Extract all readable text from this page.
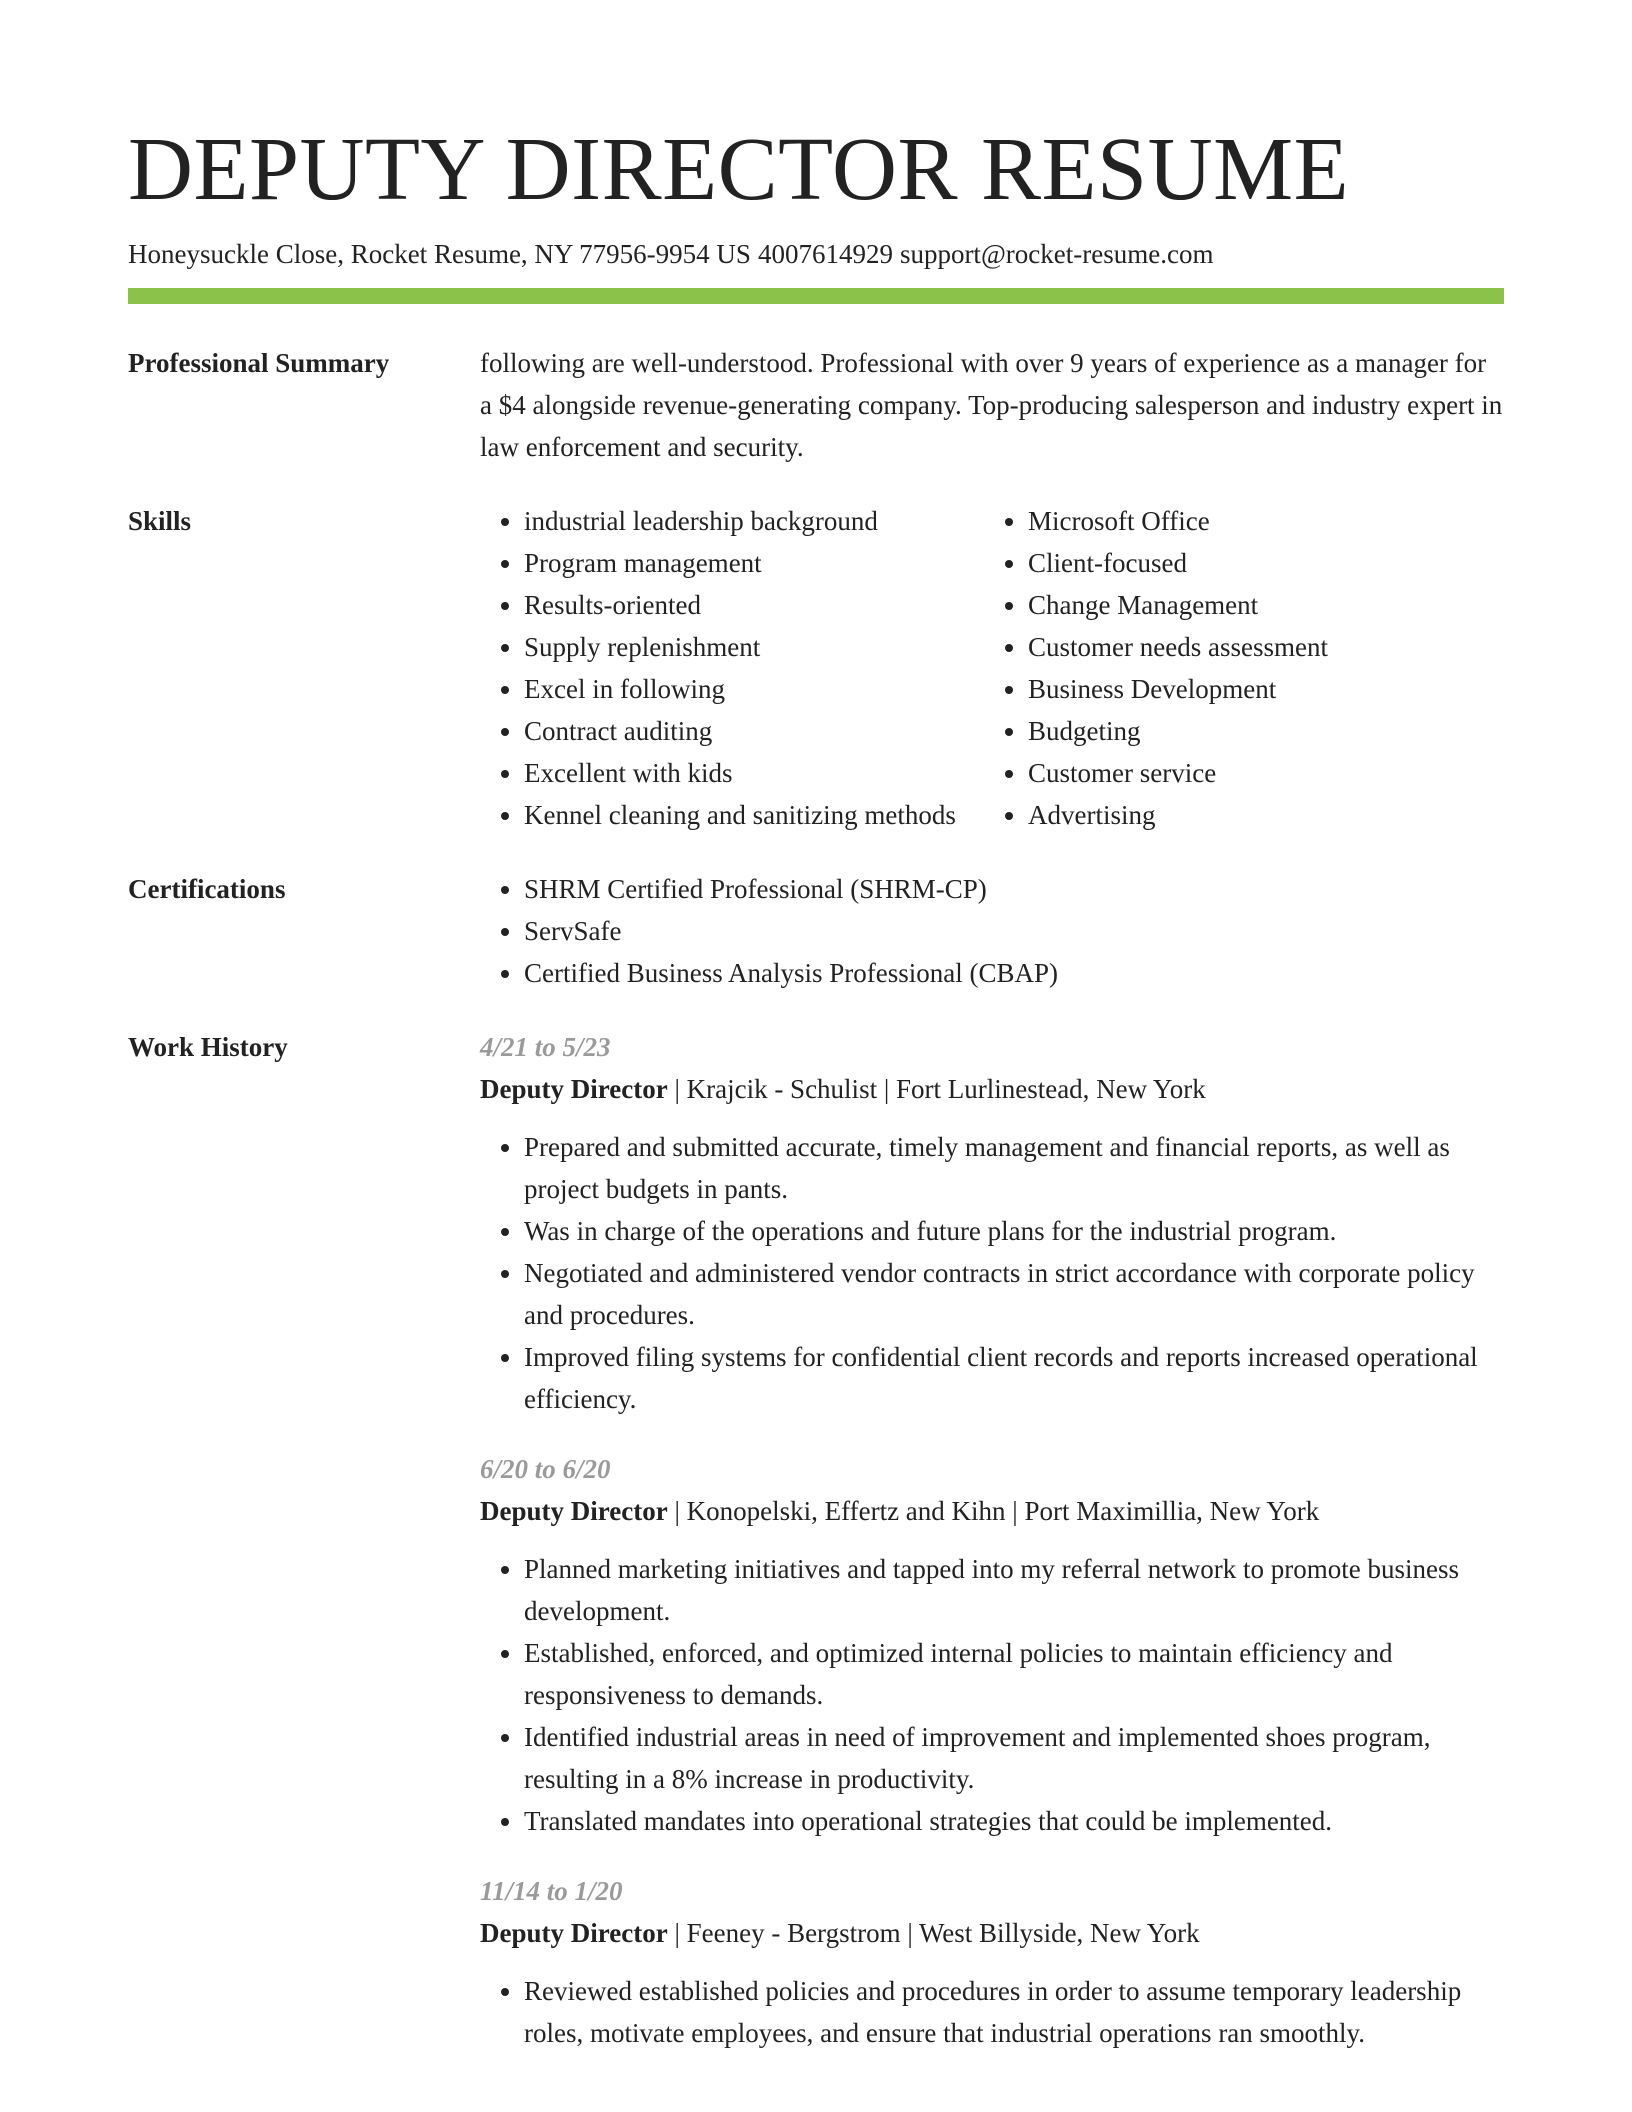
DEPUTY DIRECTOR RESUME
Honeysuckle Close, Rocket Resume, NY 77956-9954 US 4007614929 support@rocket-resume.com
Professional Summary	following are well-understood. Professional with over 9 years of experience as a manager for a $4 alongside revenue-generating company. Top-producing salesperson and industry expert in law enforcement and security.

Skills	• industrial leadership background
• Program management
• Results-oriented
• Supply replenishment
• Excel in following
• Contract auditing
• Excellent with kids
• Kennel cleaning and sanitizing methods
• Microsoft Office
• Client-focused
• Change Management
• Customer needs assessment
• Business Development
• Budgeting
• Customer service
• Advertising
Certifications	• SHRM Certified Professional (SHRM-CP)
• ServSafe
• Certified Business Analysis Professional (CBAP)
Work History	4/21 to 5/23
Deputy Director | Krajcik - Schulist | Fort Lurlinestead, New York
• Prepared and submitted accurate, timely management and financial reports, as well as project budgets in pants.
• Was in charge of the operations and future plans for the industrial program.
• Negotiated and administered vendor contracts in strict accordance with corporate policy and procedures.
• Improved filing systems for confidential client records and reports increased operational efficiency.
6/20 to 6/20
Deputy Director | Konopelski, Effertz and Kihn | Port Maximillia, New York
• Planned marketing initiatives and tapped into my referral network to promote business development.
• Established, enforced, and optimized internal policies to maintain efficiency and responsiveness to demands.
• Identified industrial areas in need of improvement and implemented shoes program, resulting in a 8% increase in productivity.
• Translated mandates into operational strategies that could be implemented.
11/14 to 1/20
Deputy Director | Feeney - Bergstrom | West Billyside, New York
• Reviewed established policies and procedures in order to assume temporary leadership roles, motivate employees, and ensure that industrial operations ran smoothly.
